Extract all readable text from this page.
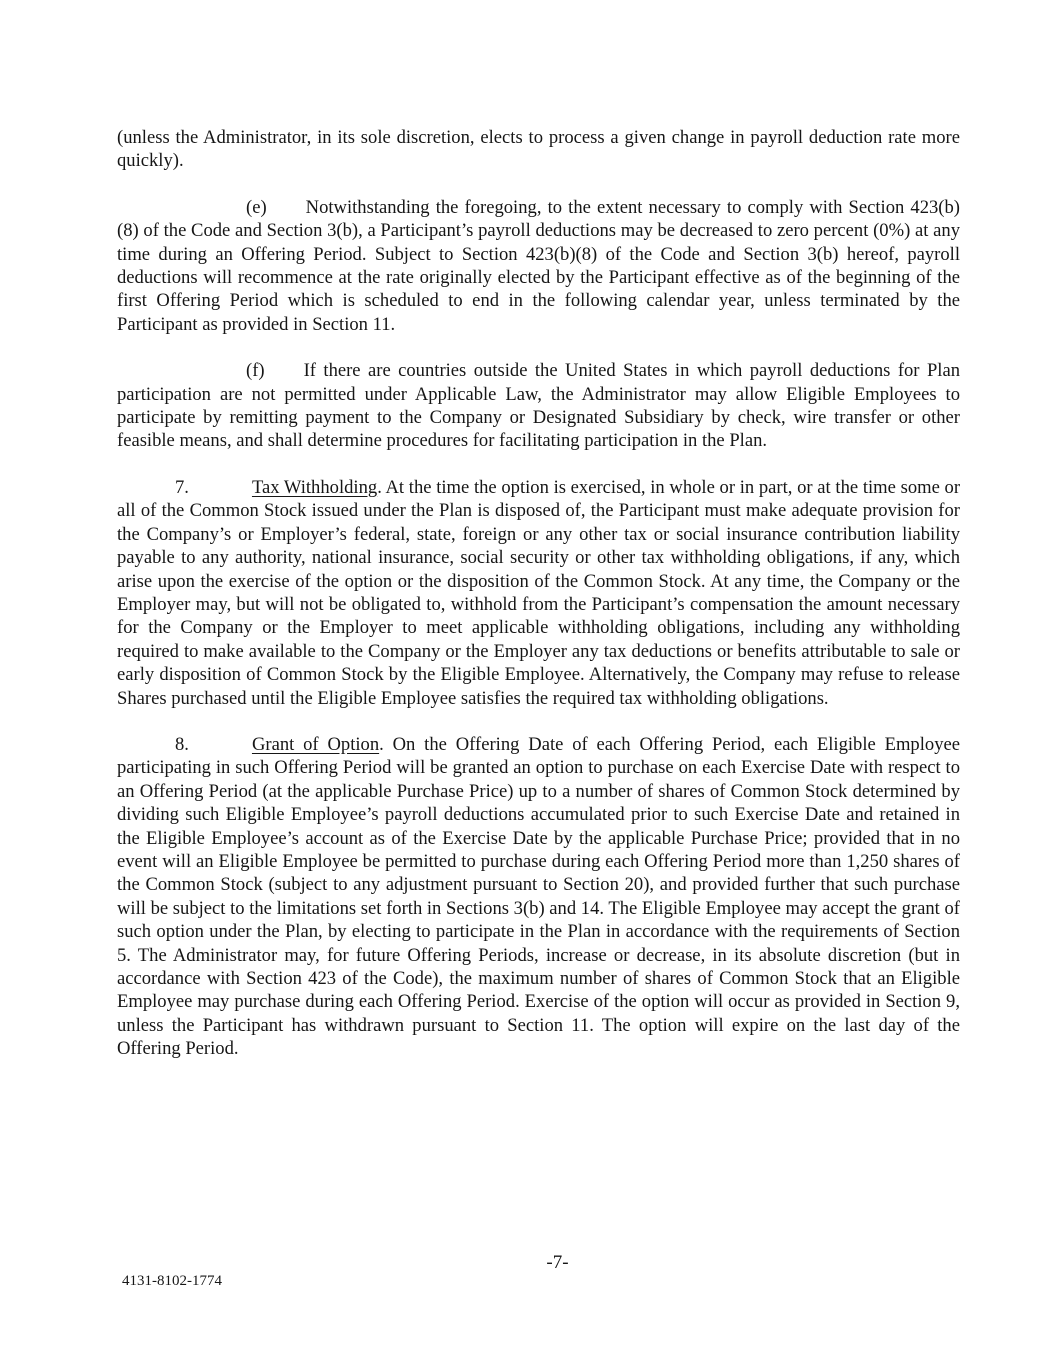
(unless the Administrator, in its sole discretion, elects to process a given change in payroll deduction rate more quickly).

(e) Notwithstanding the foregoing, to the extent necessary to comply with Section 423(b)(8) of the Code and Section 3(b), a Participant’s payroll deductions may be decreased to zero percent (0%) at any time during an Offering Period. Subject to Section 423(b)(8) of the Code and Section 3(b) hereof, payroll deductions will recommence at the rate originally elected by the Participant effective as of the beginning of the first Offering Period which is scheduled to end in the following calendar year, unless terminated by the Participant as provided in Section 11.

(f) If there are countries outside the United States in which payroll deductions for Plan participation are not permitted under Applicable Law, the Administrator may allow Eligible Employees to participate by remitting payment to the Company or Designated Subsidiary by check, wire transfer or other feasible means, and shall determine procedures for facilitating participation in the Plan.

7.	Tax Withholding. At the time the option is exercised, in whole or in part, or at the time some or all of the Common Stock issued under the Plan is disposed of, the Participant must make adequate provision for the Company’s or Employer’s federal, state, foreign or any other tax or social insurance contribution liability payable to any authority, national insurance, social security or other tax withholding obligations, if any, which arise upon the exercise of the option or the disposition of the Common Stock. At any time, the Company or the Employer may, but will not be obligated to, withhold from the Participant’s compensation the amount necessary for the Company or the Employer to meet applicable withholding obligations, including any withholding required to make available to the Company or the Employer any tax deductions or benefits attributable to sale or early disposition of Common Stock by the Eligible Employee. Alternatively, the Company may refuse to release Shares purchased until the Eligible Employee satisfies the required tax withholding obligations.

8.	Grant of Option. On the Offering Date of each Offering Period, each Eligible Employee participating in such Offering Period will be granted an option to purchase on each Exercise Date with respect to an Offering Period (at the applicable Purchase Price) up to a number of shares of Common Stock determined by dividing such Eligible Employee’s payroll deductions accumulated prior to such Exercise Date and retained in the Eligible Employee’s account as of the Exercise Date by the applicable Purchase Price; provided that in no event will an Eligible Employee be permitted to purchase during each Offering Period more than 1,250 shares of the Common Stock (subject to any adjustment pursuant to Section 20), and provided further that such purchase will be subject to the limitations set forth in Sections 3(b) and 14. The Eligible Employee may accept the grant of such option under the Plan, by electing to participate in the Plan in accordance with the requirements of Section 5. The Administrator may, for future Offering Periods, increase or decrease, in its absolute discretion (but in accordance with Section 423 of the Code), the maximum number of shares of Common Stock that an Eligible Employee may purchase during each Offering Period. Exercise of the option will occur as provided in Section 9, unless the Participant has withdrawn pursuant to Section 11. The option will expire on the last day of the Offering Period.

-7-
4131-8102-1774
